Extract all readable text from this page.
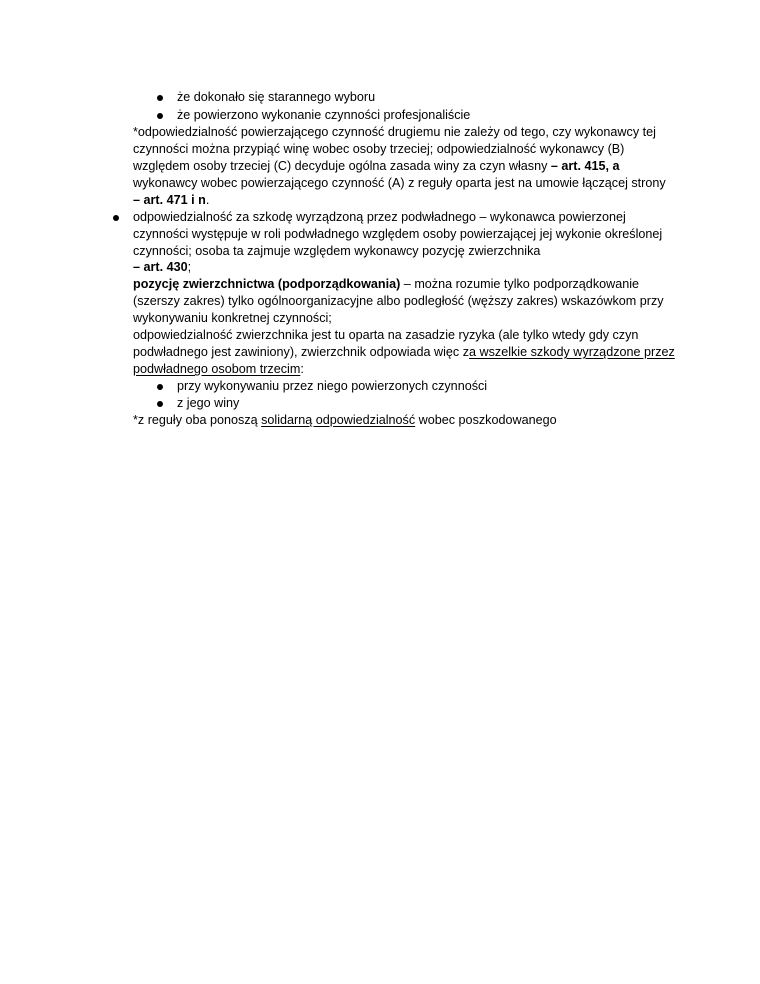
że dokonało się starannego wyboru
że powierzono wykonanie czynności profesjonaliście
*odpowiedzialność powierzającego czynność drugiemu nie zależy od tego, czy wykonawcy tej
czynności można przypiąć winę wobec osoby trzeciej; odpowiedzialność wykonawcy (B)
względem osoby trzeciej (C) decyduje ogólna zasada winy za czyn własny – art. 415, a
wykonawcy wobec powierzającego czynność (A) z reguły oparta jest na umowie łączącej strony
– art. 471 i n.
odpowiedzialność za szkodę wyrządzoną przez podwładnego – wykonawca powierzonej
czynności występuje w roli podwładnego względem osoby powierzającej jej wykonie określonej
czynności; osoba ta zajmuje względem wykonawcy pozycję zwierzchnika
– art. 430;
pozycję zwierzchnictwa (podporządkowania) – można rozumie tylko podporządkowanie
(szerszy zakres) tylko ogólnoorganizacyjne albo podległość (węższy zakres) wskazówkom przy
wykonywaniu konkretnej czynności;
odpowiedzialność zwierzchnika jest tu oparta na zasadzie ryzyka (ale tylko wtedy gdy czyn
podwładnego jest zawiniony), zwierzchnik odpowiada więc za wszelkie szkody wyrządzone przez
podwładnego osobom trzecim:
przy wykonywaniu przez niego powierzonych czynności
z jego winy
*z reguły oba ponoszą solidarną odpowiedzialność wobec poszkodowanego
